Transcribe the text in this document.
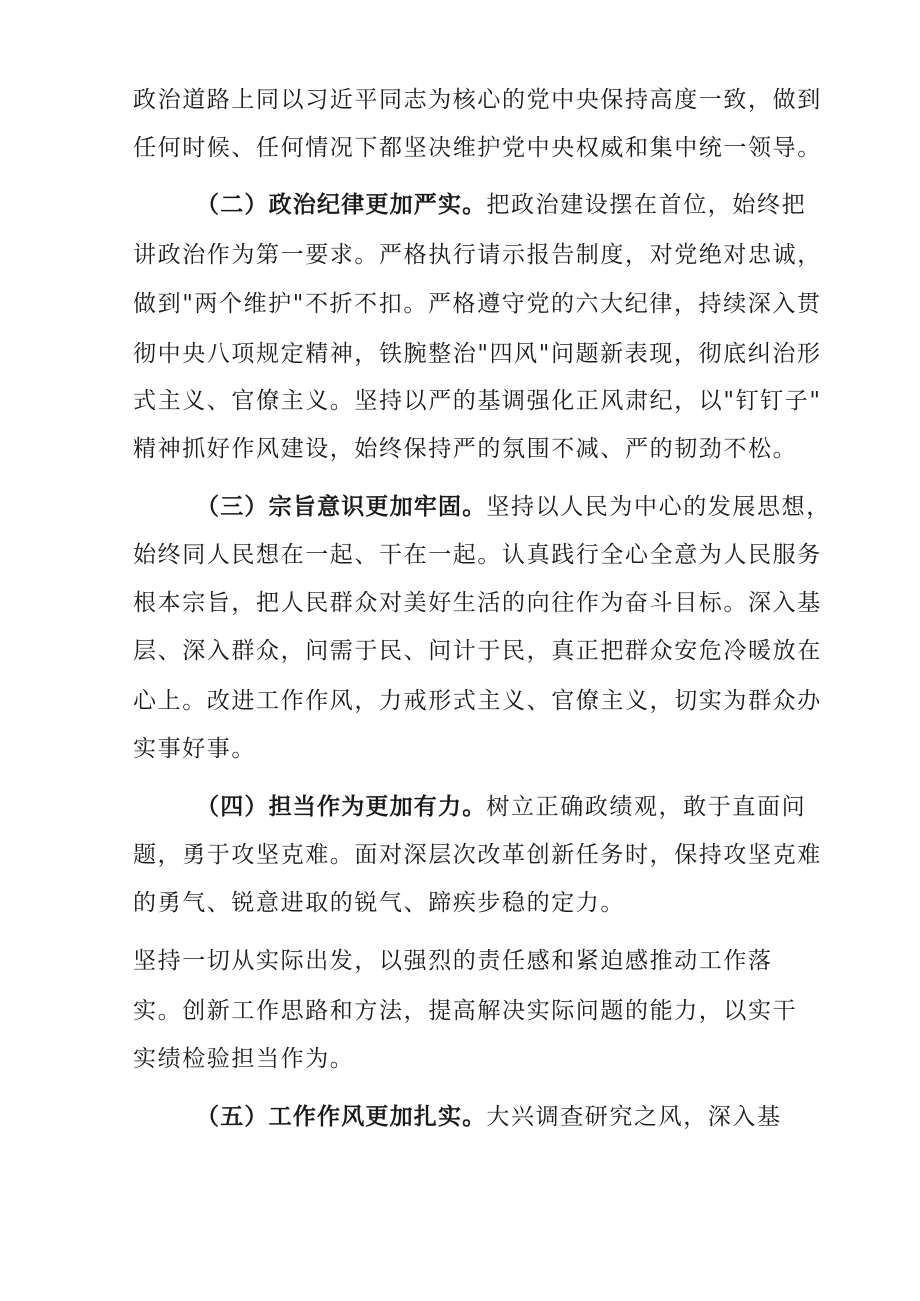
政治道路上同以习近平同志为核心的党中央保持高度一致，做到
任何时候、任何情况下都坚决维护党中央权威和集中统一领导。
（二）政治纪律更加严实。把政治建设摆在首位，始终把
讲政治作为第一要求。严格执行请示报告制度，对党绝对忠诚，
做到"两个维护"不折不扣。严格遵守党的六大纪律，持续深入贯
彻中央八项规定精神，铁腕整治"四风"问题新表现，彻底纠治形
式主义、官僚主义。坚持以严的基调强化正风肃纪，以"钉钉子"
精神抓好作风建设，始终保持严的氛围不减、严的韧劲不松。
（三）宗旨意识更加牢固。坚持以人民为中心的发展思想，
始终同人民想在一起、干在一起。认真践行全心全意为人民服务
根本宗旨，把人民群众对美好生活的向往作为奋斗目标。深入基
层、深入群众，问需于民、问计于民，真正把群众安危冷暖放在
心上。改进工作作风，力戒形式主义、官僚主义，切实为群众办
实事好事。
（四）担当作为更加有力。树立正确政绩观，敢于直面问
题，勇于攻坚克难。面对深层次改革创新任务时，保持攻坚克难
的勇气、锐意进取的锐气、蹄疾步稳的定力。
坚持一切从实际出发，以强烈的责任感和紧迫感推动工作落
实。创新工作思路和方法，提高解决实际问题的能力，以实干
实绩检验担当作为。
（五）工作作风更加扎实。大兴调查研究之风，深入基
